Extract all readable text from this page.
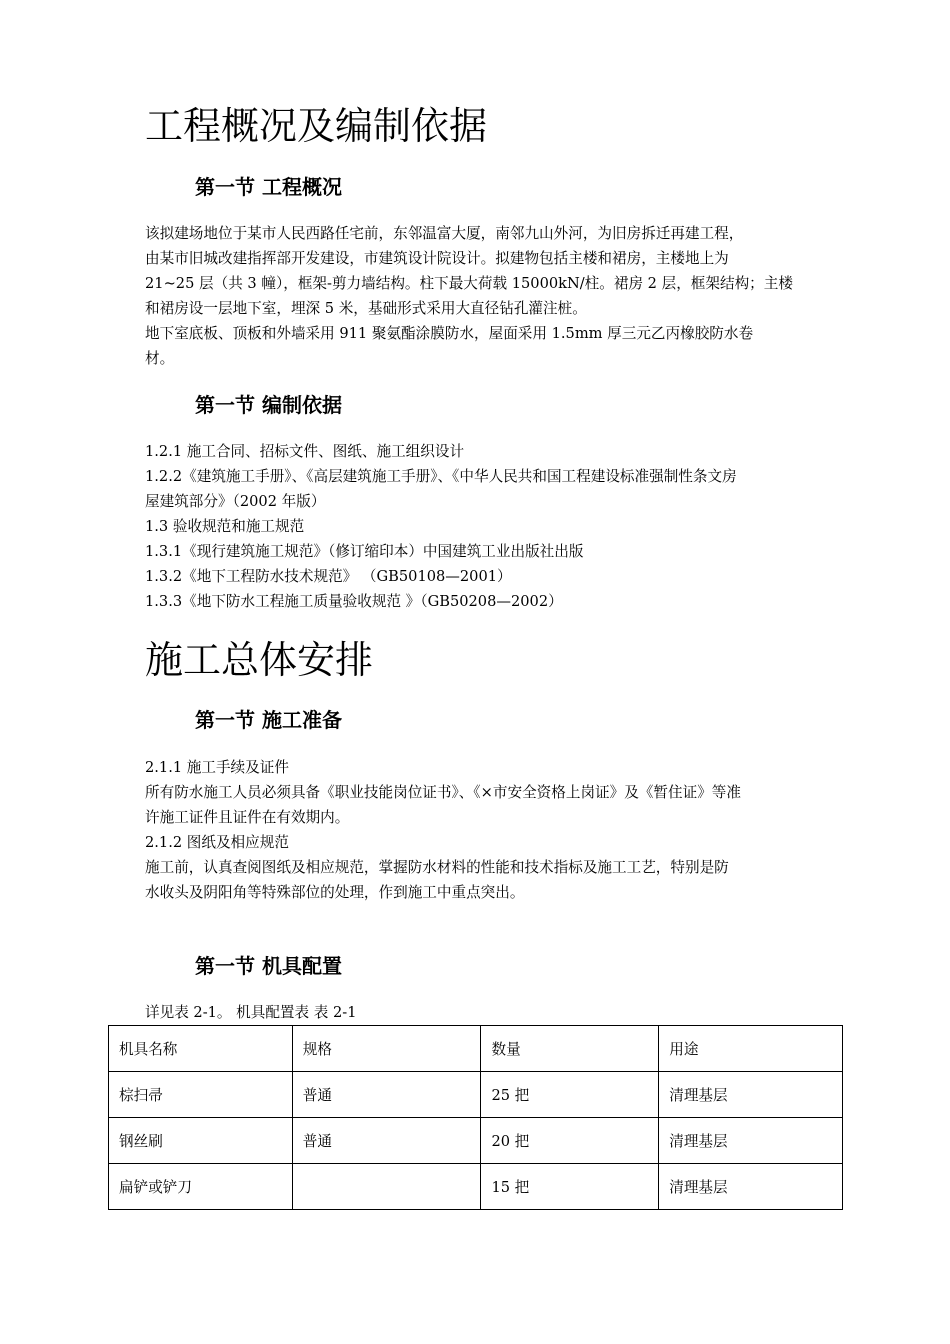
工程概况及编制依据
第一节 工程概况
该拟建场地位于某市人民西路任宅前，东邻温富大厦，南邻九山外河，为旧房拆迁再建工程，
由某市旧城改建指挥部开发建设，市建筑设计院设计。拟建物包括主楼和裙房，主楼地上为
21~25 层（共 3 幢），框架-剪力墙结构。柱下最大荷载 15000kN/柱。裙房 2 层，框架结构；主楼
和裙房设一层地下室，埋深 5 米，基础形式采用大直径钻孔灌注桩。
地下室底板、顶板和外墙采用 911 聚氨酯涂膜防水，屋面采用 1.5mm 厚三元乙丙橡胶防水卷
材。
第一节 编制依据
1.2.1 施工合同、招标文件、图纸、施工组织设计
1.2.2《建筑施工手册》、《高层建筑施工手册》、《中华人民共和国工程建设标准强制性条文房
屋建筑部分》（2002 年版）
1.3 验收规范和施工规范
1.3.1《现行建筑施工规范》（修订缩印本）中国建筑工业出版社出版
1.3.2《地下工程防水技术规范》 （GB50108—2001）
1.3.3《地下防水工程施工质量验收规范 》（GB50208—2002）
施工总体安排
第一节 施工准备
2.1.1 施工手续及证件
所有防水施工人员必须具备《职业技能岗位证书》、《×市安全资格上岗证》及《暂住证》等准
许施工证件且证件在有效期内。
2.1.2 图纸及相应规范
施工前，认真查阅图纸及相应规范，掌握防水材料的性能和技术指标及施工工艺，特别是防
水收头及阴阳角等特殊部位的处理，作到施工中重点突出。
第一节 机具配置
详见表 2-1。 机具配置表 表 2-1
机具名称	规格	数量	用途
棕扫帚	普通	25 把	清理基层
钢丝刷	普通	20 把	清理基层
扁铲或铲刀		15 把	清理基层
